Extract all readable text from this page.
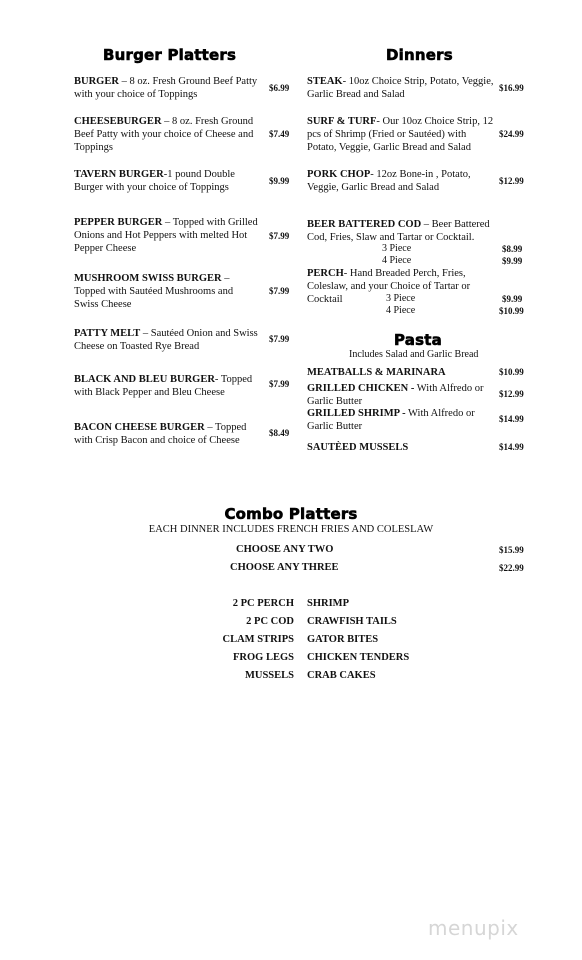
Burger Platters
BURGER – 8 oz. Fresh Ground Beef Patty with your choice of Toppings
$6.99
CHEESEBURGER – 8 oz. Fresh Ground Beef Patty with your choice of Cheese and Toppings
$7.49
TAVERN BURGER-1 pound Double Burger with your choice of Toppings
$9.99
PEPPER BURGER – Topped with Grilled Onions and Hot Peppers with melted Hot Pepper Cheese
$7.99
MUSHROOM SWISS BURGER – Topped with Sautéed Mushrooms and Swiss Cheese
$7.99
PATTY MELT – Sautéed Onion and Swiss Cheese on Toasted Rye Bread
$7.99
BLACK AND BLEU BURGER- Topped with Black Pepper and Bleu Cheese
$7.99
BACON CHEESE BURGER – Topped with Crisp Bacon and choice of Cheese
$8.49
Dinners
STEAK- 10oz Choice Strip, Potato, Veggie, Garlic Bread and Salad
$16.99
SURF & TURF- Our 10oz Choice Strip, 12 pcs of Shrimp (Fried or Sautéed) with Potato, Veggie, Garlic Bread and Salad
$24.99
PORK CHOP- 12oz Bone-in , Potato, Veggie, Garlic Bread and Salad
$12.99
BEER BATTERED COD – Beer Battered Cod, Fries, Slaw and Tartar or Cocktail.
3 Piece	$8.99
4 Piece	$9.99
PERCH- Hand Breaded Perch, Fries, Coleslaw, and your Choice of Tartar or
Cocktail	3 Piece	$9.99
4 Piece	$10.99
Pasta
Includes Salad and Garlic Bread
MEATBALLS & MARINARA	$10.99
GRILLED CHICKEN - With Alfredo or Garlic Butter
$12.99
GRILLED SHRIMP - With Alfredo or Garlic Butter
$14.99
SAUTÈED MUSSELS	$14.99
Combo Platters
EACH DINNER INCLUDES FRENCH FRIES AND COLESLAW
CHOOSE ANY TWO	$15.99
CHOOSE ANY THREE	$22.99
2 PC PERCH
2 PC COD
CLAM STRIPS
FROG LEGS
MUSSELS
SHRIMP
CRAWFISH TAILS
GATOR BITES
CHICKEN TENDERS
CRAB CAKES
menupix
